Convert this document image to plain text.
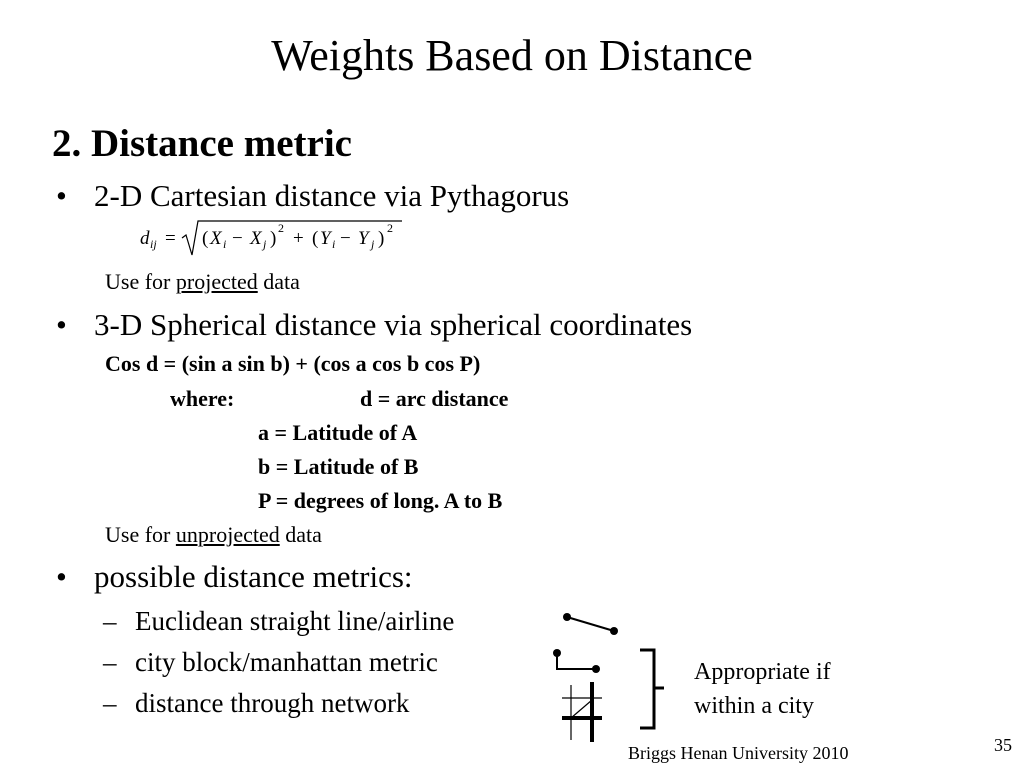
Weights Based on Distance
2. Distance metric
• 2-D Cartesian distance via Pythagorus
d ij = ( X i − X j ) 2 + ( Y i − Y j ) 2
Use for projected data
• 3-D Spherical distance via spherical coordinates
Cos d = (sin a sin b) + (cos a cos b cos P)
where:	d = arc distance
a = Latitude of A
b = Latitude of B
P = degrees of long. A to B
Use for unprojected data
• possible distance metrics:
– Euclidean straight line/airline
– city block/manhattan metric
– distance through network
Appropriate if
within a city
Briggs Henan University 2010	35
